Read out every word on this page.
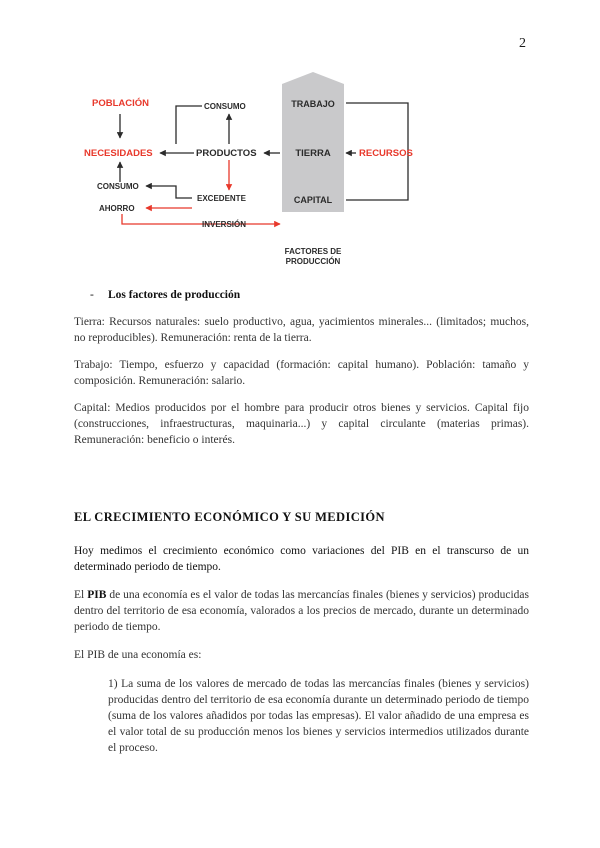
2
POBLACIÓN
NECESIDADES
CONSUMO
PRODUCTOS
CONSUMO
EXCEDENTE
AHORRO
INVERSIÓN
TRABAJO
TIERRA
CAPITAL
RECURSOS
FACTORES DE
PRODUCCIÓN
- Los factores de producción

Tierra: Recursos naturales: suelo productivo, agua, yacimientos minerales... (limitados; muchos, no reproducibles). Remuneración: renta de la tierra.

Trabajo: Tiempo, esfuerzo y capacidad (formación: capital humano). Población: tamaño y composición. Remuneración: salario.

Capital: Medios producidos por el hombre para producir otros bienes y servicios. Capital fijo (construcciones, infraestructuras, maquinaria...) y capital circulante (materias primas). Remuneración: beneficio o interés.

EL CRECIMIENTO ECONÓMICO Y SU MEDICIÓN

Hoy medimos el crecimiento económico como variaciones del PIB en el transcurso de un determinado periodo de tiempo.

El PIB de una economía es el valor de todas las mercancías finales (bienes y servicios) producidas dentro del territorio de esa economía, valorados a los precios de mercado, durante un determinado periodo de tiempo.

El PIB de una economía es:

1) La suma de los valores de mercado de todas las mercancías finales (bienes y servicios) producidas dentro del territorio de esa economía durante un determinado periodo de tiempo (suma de los valores añadidos por todas las empresas). El valor añadido de una empresa es el valor total de su producción menos los bienes y servicios intermedios utilizados durante el proceso.
